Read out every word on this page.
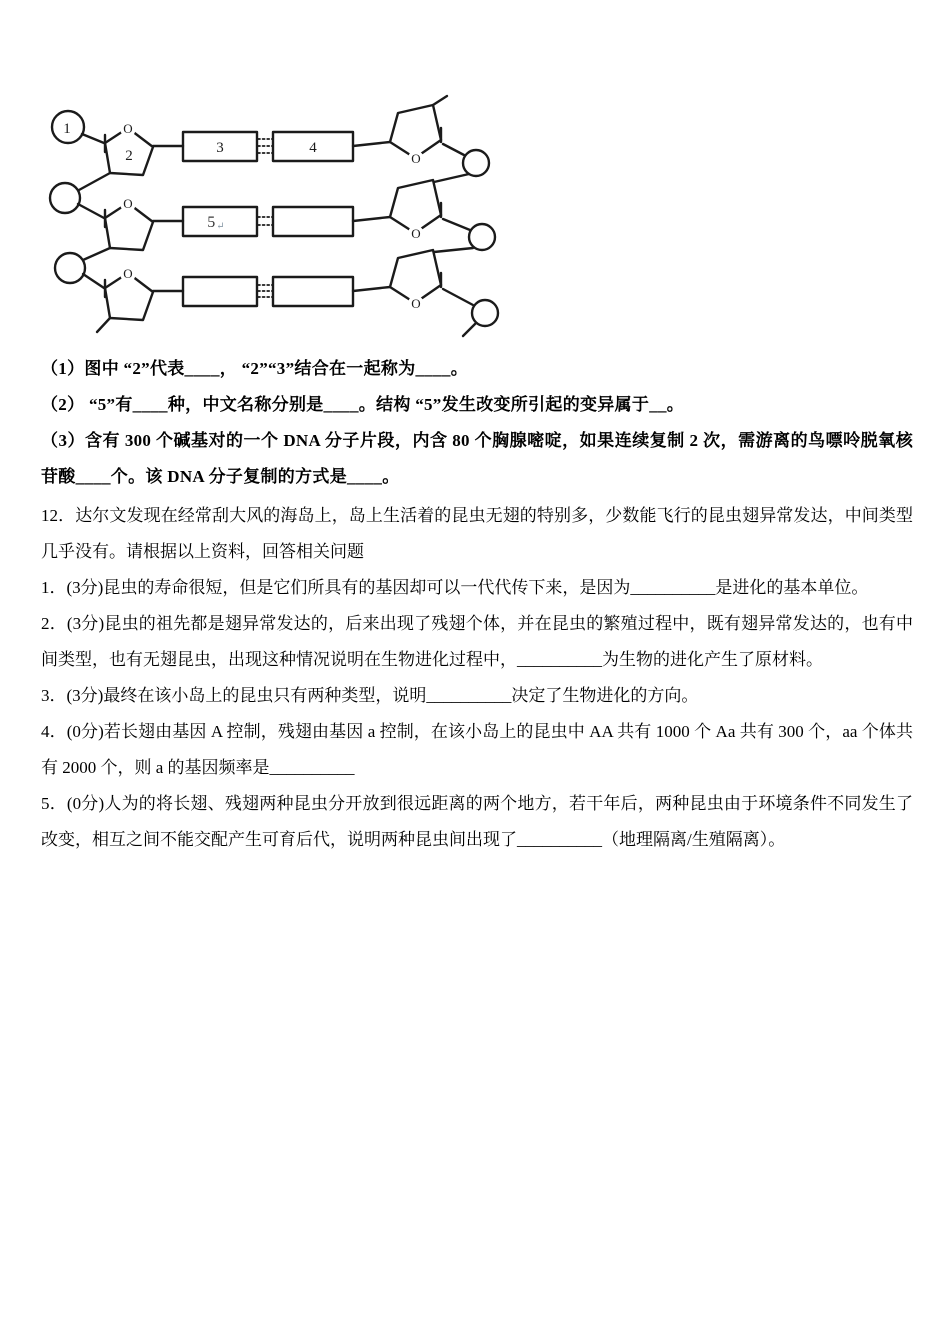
1
2	3	4
5↵
O
O
O
O
O
O

（1）图中 “2”代表____， “2”“3”结合在一起称为____。

（2） “5”有____种，中文名称分别是____。结构 “5”发生改变所引起的变异属于__。

（3）含有 300 个碱基对的一个 DNA 分子片段，内含 80 个胸腺嘧啶，如果连续复制 2 次，需游离的鸟嘌呤脱氧核苷酸____个。该 DNA 分子复制的方式是____。

12．达尔文发现在经常刮大风的海岛上，岛上生活着的昆虫无翅的特别多，少数能飞行的昆虫翅异常发达，中间类型几乎没有。请根据以上资料，回答相关问题

1．(3分)昆虫的寿命很短，但是它们所具有的基因却可以一代代传下来，是因为__________是进化的基本单位。

2．(3分)昆虫的祖先都是翅异常发达的，后来出现了残翅个体，并在昆虫的繁殖过程中，既有翅异常发达的，也有中间类型，也有无翅昆虫，出现这种情况说明在生物进化过程中，__________为生物的进化产生了原材料。

3．(3分)最终在该小岛上的昆虫只有两种类型，说明__________决定了生物进化的方向。

4．(0分)若长翅由基因 A 控制，残翅由基因 a 控制，在该小岛上的昆虫中 AA 共有 1000 个 Aa 共有 300 个，aa 个体共有 2000 个，则 a 的基因频率是__________

5．(0分)人为的将长翅、残翅两种昆虫分开放到很远距离的两个地方，若干年后，两种昆虫由于环境条件不同发生了改变，相互之间不能交配产生可育后代，说明两种昆虫间出现了__________（地理隔离/生殖隔离）。
